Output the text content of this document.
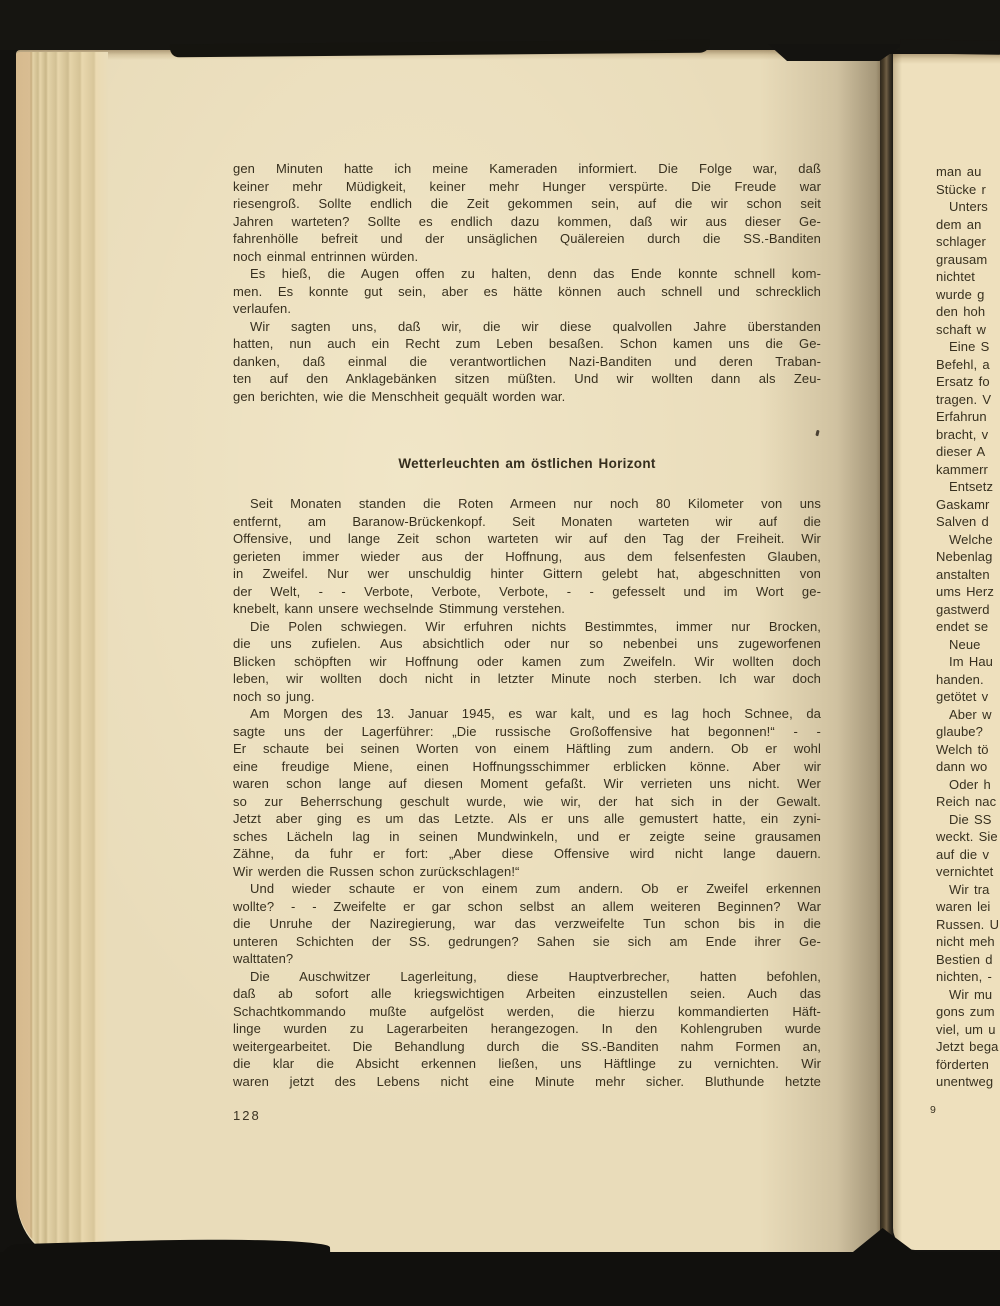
gen Minuten hatte ich meine Kameraden informiert. Die Folge war, daß
keiner mehr Müdigkeit, keiner mehr Hunger verspürte. Die Freude war
riesengroß. Sollte endlich die Zeit gekommen sein, auf die wir schon seit
Jahren warteten? Sollte es endlich dazu kommen, daß wir aus dieser Ge-
fahrenhölle befreit und der unsäglichen Quälereien durch die SS.-Banditen
noch einmal entrinnen würden.
Es hieß, die Augen offen zu halten, denn das Ende konnte schnell kom-
men. Es konnte gut sein, aber es hätte können auch schnell und schrecklich
verlaufen.
Wir sagten uns, daß wir, die wir diese qualvollen Jahre überstanden
hatten, nun auch ein Recht zum Leben besaßen. Schon kamen uns die Ge-
danken, daß einmal die verantwortlichen Nazi-Banditen und deren Traban-
ten auf den Anklagebänken sitzen müßten. Und wir wollten dann als Zeu-
gen berichten, wie die Menschheit gequält worden war.
Wetterleuchten am östlichen Horizont
Seit Monaten standen die Roten Armeen nur noch 80 Kilometer von uns
entfernt, am Baranow-Brückenkopf. Seit Monaten warteten wir auf die
Offensive, und lange Zeit schon warteten wir auf den Tag der Freiheit. Wir
gerieten immer wieder aus der Hoffnung, aus dem felsenfesten Glauben,
in Zweifel. Nur wer unschuldig hinter Gittern gelebt hat, abgeschnitten von
der Welt, - - Verbote, Verbote, Verbote, - - gefesselt und im Wort ge-
knebelt, kann unsere wechselnde Stimmung verstehen.
Die Polen schwiegen. Wir erfuhren nichts Bestimmtes, immer nur Brocken,
die uns zufielen. Aus absichtlich oder nur so nebenbei uns zugeworfenen
Blicken schöpften wir Hoffnung oder kamen zum Zweifeln. Wir wollten doch
leben, wir wollten doch nicht in letzter Minute noch sterben. Ich war doch
noch so jung.
Am Morgen des 13. Januar 1945, es war kalt, und es lag hoch Schnee, da
sagte uns der Lagerführer: „Die russische Großoffensive hat begonnen!“ - -
Er schaute bei seinen Worten von einem Häftling zum andern. Ob er wohl
eine freudige Miene, einen Hoffnungsschimmer erblicken könne. Aber wir
waren schon lange auf diesen Moment gefaßt. Wir verrieten uns nicht. Wer
so zur Beherrschung geschult wurde, wie wir, der hat sich in der Gewalt.
Jetzt aber ging es um das Letzte. Als er uns alle gemustert hatte, ein zyni-
sches Lächeln lag in seinen Mundwinkeln, und er zeigte seine grausamen
Zähne, da fuhr er fort: „Aber diese Offensive wird nicht lange dauern.
Wir werden die Russen schon zurückschlagen!“
Und wieder schaute er von einem zum andern. Ob er Zweifel erkennen
wollte? - - Zweifelte er gar schon selbst an allem weiteren Beginnen? War
die Unruhe der Naziregierung, war das verzweifelte Tun schon bis in die
unteren Schichten der SS. gedrungen? Sahen sie sich am Ende ihrer Ge-
walttaten?
Die Auschwitzer Lagerleitung, diese Hauptverbrecher, hatten befohlen,
daß ab sofort alle kriegswichtigen Arbeiten einzustellen seien. Auch das
Schachtkommando mußte aufgelöst werden, die hierzu kommandierten Häft-
linge wurden zu Lagerarbeiten herangezogen. In den Kohlengruben wurde
weitergearbeitet. Die Behandlung durch die SS.-Banditen nahm Formen an,
die klar die Absicht erkennen ließen, uns Häftlinge zu vernichten. Wir
waren jetzt des Lebens nicht eine Minute mehr sicher. Bluthunde hetzte
128
man au
Stücke r
Unters
dem an
schlager
grausam
nichtet
wurde g
den hoh
schaft w
Eine S
Befehl, a
Ersatz fo
tragen. V
Erfahrun
bracht, v
dieser A
kammerr
Entsetz
Gaskamr
Salven d
Welche
Nebenlag
anstalten
ums Herz
gastwerd
endet se
Neue
Im Hau
handen.
getötet v
Aber w
glaube?
Welch tö
dann wo
Oder h
Reich nac
Die SS
weckt. Sie
auf die v
vernichtet
Wir tra
waren lei
Russen. U
nicht meh
Bestien d
nichten, -
Wir mu
gons zum
viel, um u
Jetzt bega
förderten
unentweg
9
